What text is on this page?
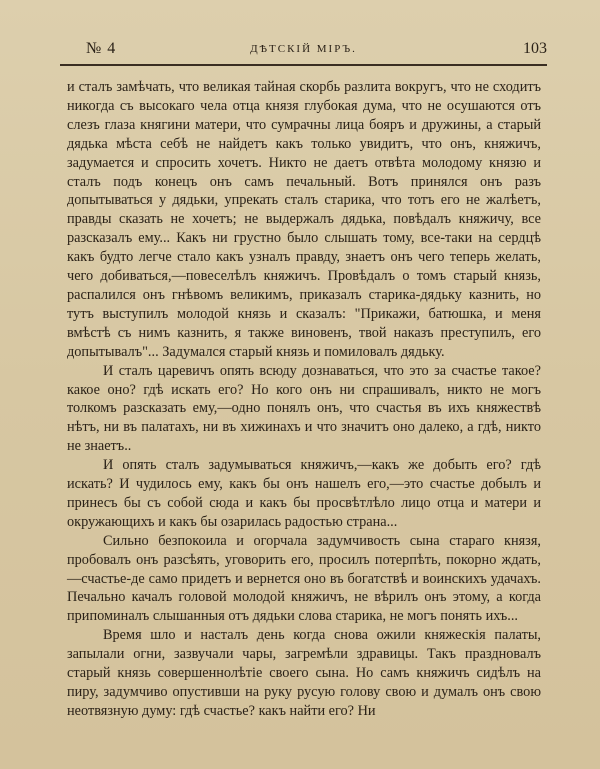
№ 4	ДѢТСКІЙ МІРЪ.	103

и сталъ замѣчать, что великая тайная скорбь разлита вокругъ, что не сходитъ никогда съ высокаго чела отца князя глубокая дума, что не осушаются отъ слезъ глаза княгини матери, что сумрачны лица бояръ и дружины, а старый дядька мѣста себѣ не найдетъ какъ только увидитъ, что онъ, княжичъ, задумается и спросить хочетъ. Никто не даетъ отвѣта молодому князю и сталъ подъ конецъ онъ самъ печальный. Вотъ принялся онъ разъ допытываться у дядьки, упрекать сталъ старика, что тотъ его не жалѣетъ, правды сказать не хочетъ; не выдержалъ дядька, повѣдалъ княжичу, все разсказалъ ему... Какъ ни грустно было слышать тому, все-таки на сердцѣ какъ будто легче стало какъ узналъ правду, знаетъ онъ чего теперь желать, чего добиваться,—повеселѣлъ княжичъ. Провѣдалъ о томъ старый князь, распалился онъ гнѣвомъ великимъ, приказалъ старика-дядьку казнить, но тутъ выступилъ молодой князь и сказалъ: "Прикажи, батюшка, и меня вмѣстѣ съ нимъ казнить, я также виновенъ, твой наказъ преступилъ, его допытывалъ"... Задумался старый князь и помиловалъ дядьку.

И сталъ царевичъ опять всюду дознаваться, что это за счастье такое? какое оно? гдѣ искать его? Но кого онъ ни спрашивалъ, никто не могъ толкомъ разсказать ему,—одно понялъ онъ, что счастья въ ихъ княжествѣ нѣтъ, ни въ палатахъ, ни въ хижинахъ и что значитъ оно далеко, а гдѣ, никто не знаетъ..

И опять сталъ задумываться княжичъ,—какъ же добыть его? гдѣ искать? И чудилось ему, какъ бы онъ нашелъ его,—это счастье добылъ и принесъ бы съ собой сюда и какъ бы просвѣтлѣло лицо отца и матери и окружающихъ и какъ бы озарилась радостью страна...

Сильно безпокоила и огорчала задумчивость сына стараго князя, пробовалъ онъ разсѣять, уговорить его, просилъ потерпѣть, покорно ждать,—счастье-де само придетъ и вернется оно въ богатствѣ и воинскихъ удачахъ. Печально качалъ головой молодой княжичъ, не вѣрилъ онъ этому, а когда припоминалъ слышанныя отъ дядьки слова старика, не могъ понять ихъ...

Время шло и насталъ день когда снова ожили княжескія палаты, запылали огни, зазвучали чары, загремѣли здравицы. Такъ праздновалъ старый князь совершеннолѣтіе своего сына. Но самъ княжичъ сидѣлъ на пиру, задумчиво опустивши на руку русую голову свою и думалъ онъ свою неотвязную думу: гдѣ счастье? какъ найти его? Ни
